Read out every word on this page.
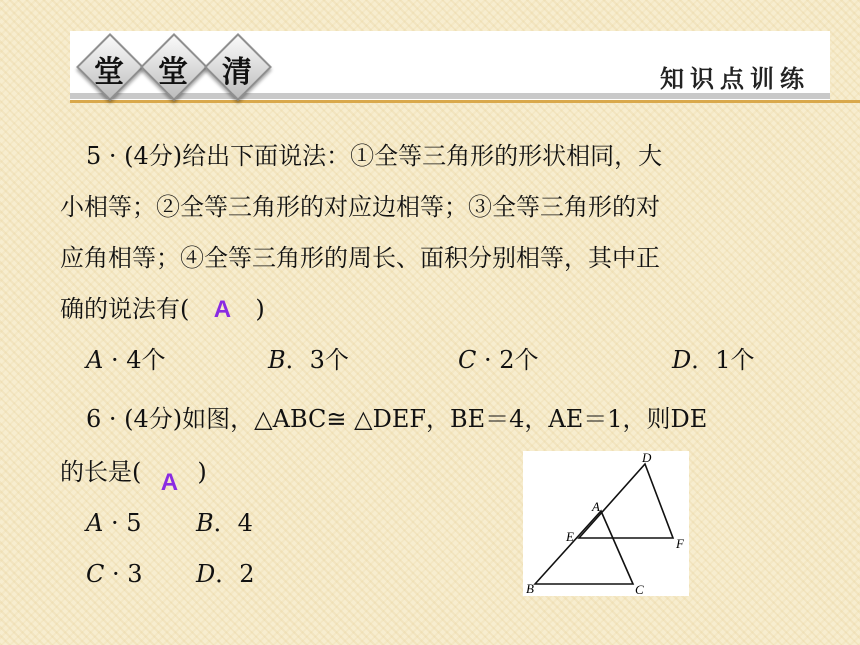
堂	堂	清	知识点训练
5 · (4分)给出下面说法：①全等三角形的形状相同，大
小相等；②全等三角形的对应边相等；③全等三角形的对
应角相等；④全等三角形的周长、面积分别相等，其中正
确的说法有( A )
A · 4个	B．3个	C · 2个	D．1个
6 · (4分)如图，△ABC≅ △DEF，BE＝4，AE＝1，则DE
的长是( A )
A · 5 B．4
C · 3 D．2
D
A
E	F
B	C
